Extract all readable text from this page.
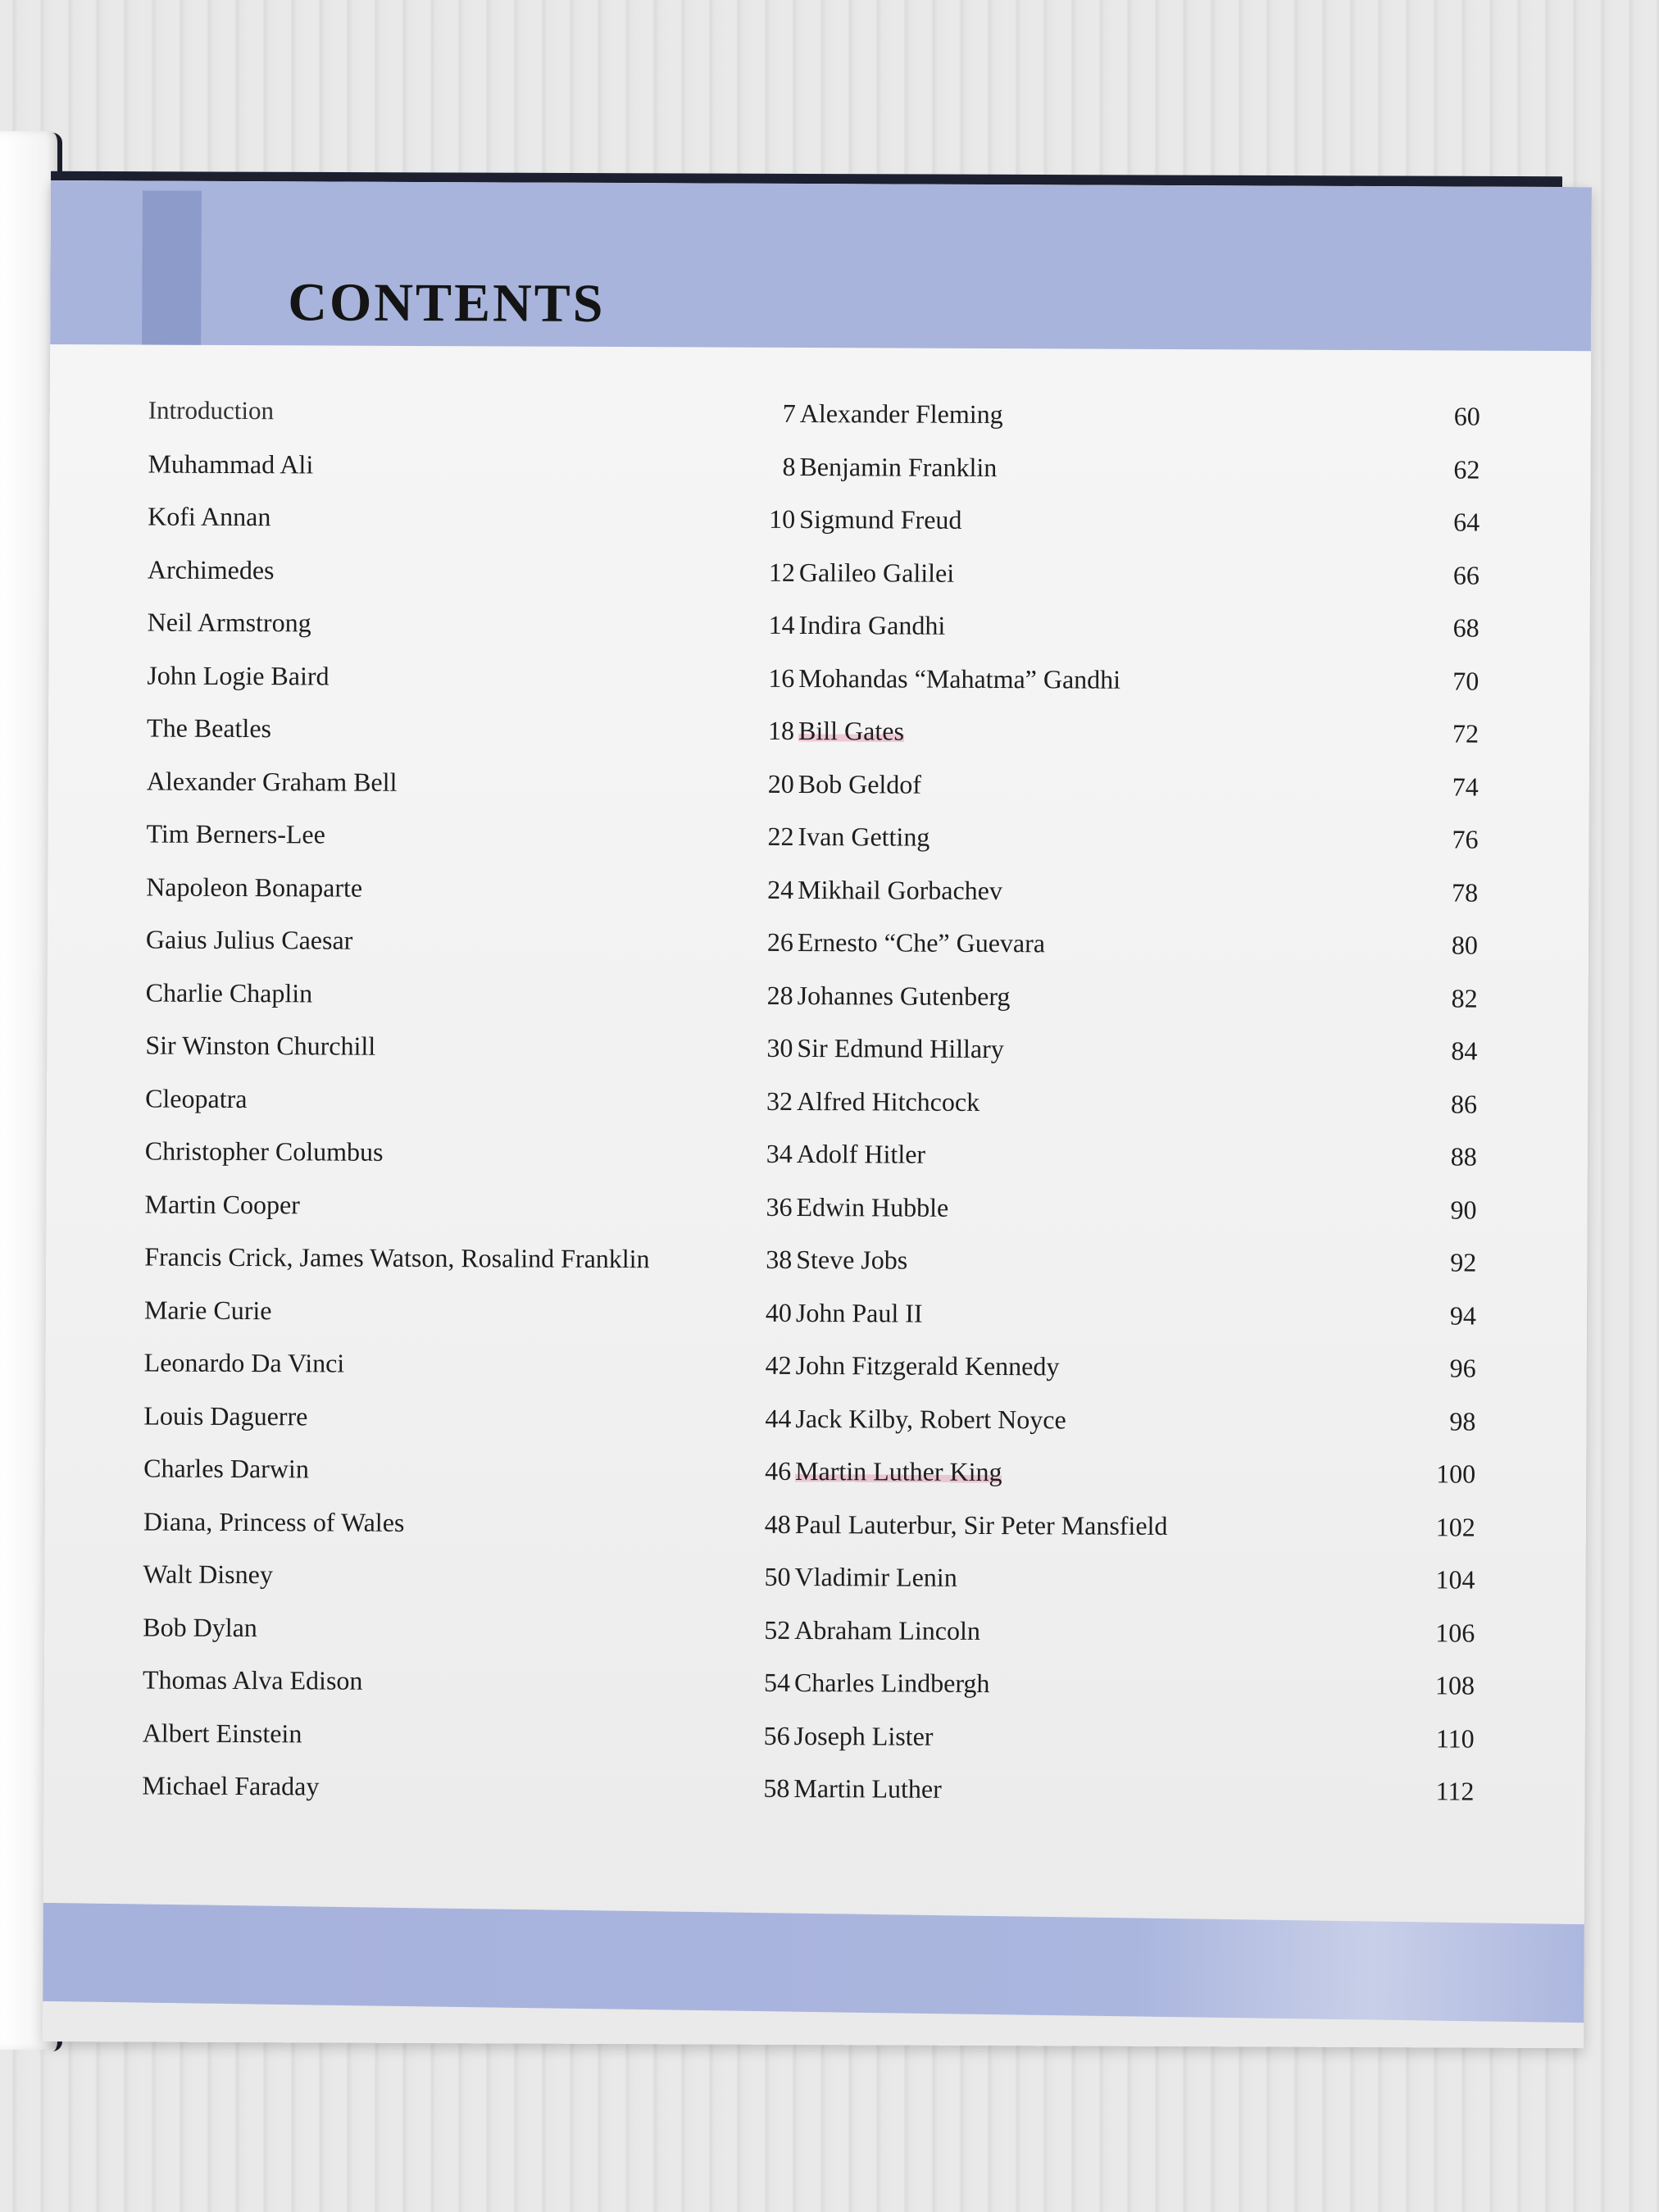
CONTENTS
Introduction	7
Muhammad Ali	8
Kofi Annan	10
Archimedes	12
Neil Armstrong	14
John Logie Baird	16
The Beatles	18
Alexander Graham Bell	20
Tim Berners-Lee	22
Napoleon Bonaparte	24
Gaius Julius Caesar	26
Charlie Chaplin	28
Sir Winston Churchill	30
Cleopatra	32
Christopher Columbus	34
Martin Cooper	36
Francis Crick, James Watson, Rosalind Franklin	38
Marie Curie	40
Leonardo Da Vinci	42
Louis Daguerre	44
Charles Darwin	46
Diana, Princess of Wales	48
Walt Disney	50
Bob Dylan	52
Thomas Alva Edison	54
Albert Einstein	56
Michael Faraday	58
Alexander Fleming	60
Benjamin Franklin	62
Sigmund Freud	64
Galileo Galilei	66
Indira Gandhi	68
Mohandas “Mahatma” Gandhi	70
Bill Gates	72
Bob Geldof	74
Ivan Getting	76
Mikhail Gorbachev	78
Ernesto “Che” Guevara	80
Johannes Gutenberg	82
Sir Edmund Hillary	84
Alfred Hitchcock	86
Adolf Hitler	88
Edwin Hubble	90
Steve Jobs	92
John Paul II	94
John Fitzgerald Kennedy	96
Jack Kilby, Robert Noyce	98
Martin Luther King	100
Paul Lauterbur, Sir Peter Mansfield	102
Vladimir Lenin	104
Abraham Lincoln	106
Charles Lindbergh	108
Joseph Lister	110
Martin Luther	112
